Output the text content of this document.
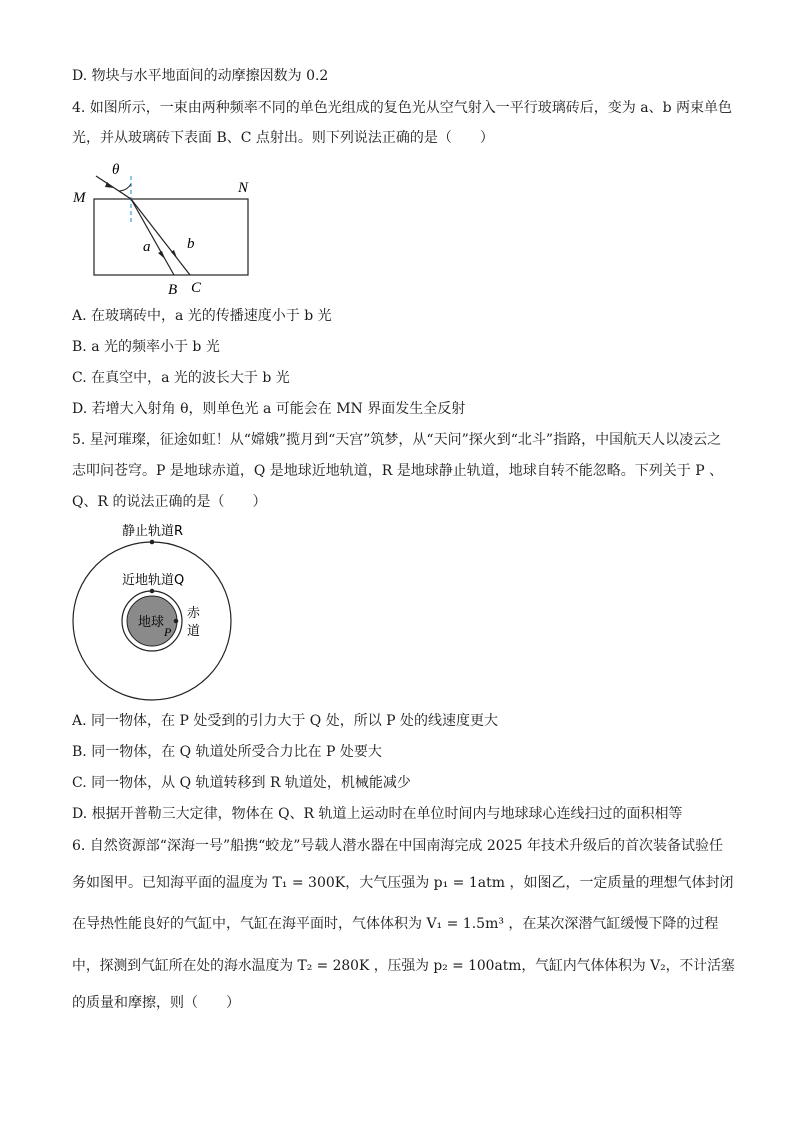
D. 物块与水平地面间的动摩擦因数为 0.2
4. 如图所示，一束由两种频率不同的单色光组成的复色光从空气射入一平行玻璃砖后，变为 a、b 两束单色
光，并从玻璃砖下表面 B、C 点射出。则下列说法正确的是（　　）
θ
M
N
a b
B C
A. 在玻璃砖中，a 光的传播速度小于 b 光
B. a 光的频率小于 b 光
C. 在真空中，a 光的波长大于 b 光
D. 若增大入射角 θ，则单色光 a 可能会在 MN 界面发生全反射
5. 星河璀璨，征途如虹！从“嫦娥”揽月到“天宫”筑梦，从“天问”探火到“北斗”指路，中国航天人以凌云之
志叩问苍穹。P 是地球赤道，Q 是地球近地轨道，R 是地球静止轨道，地球自转不能忽略。下列关于 P 、
Q、R 的说法正确的是（　　）
静止轨道R
近地轨道Q
地球
P
赤
道
A. 同一物体，在 P 处受到的引力大于 Q 处，所以 P 处的线速度更大
B. 同一物体，在 Q 轨道处所受合力比在 P 处要大
C. 同一物体，从 Q 轨道转移到 R 轨道处，机械能减少
D. 根据开普勒三大定律，物体在 Q、R 轨道上运动时在单位时间内与地球球心连线扫过的面积相等
6. 自然资源部“深海一号”船携“蛟龙”号载人潜水器在中国南海完成 2025 年技术升级后的首次装备试验任
务如图甲。已知海平面的温度为 T₁ = 300K，大气压强为 p₁ = 1atm ，如图乙，一定质量的理想气体封闭
在导热性能良好的气缸中，气缸在海平面时，气体体积为 V₁ = 1.5m³ ，在某次深潜气缸缓慢下降的过程
中，探测到气缸所在处的海水温度为 T₂ = 280K ，压强为 p₂ = 100atm，气缸内气体体积为 V₂，不计活塞
的质量和摩擦，则（　　）
